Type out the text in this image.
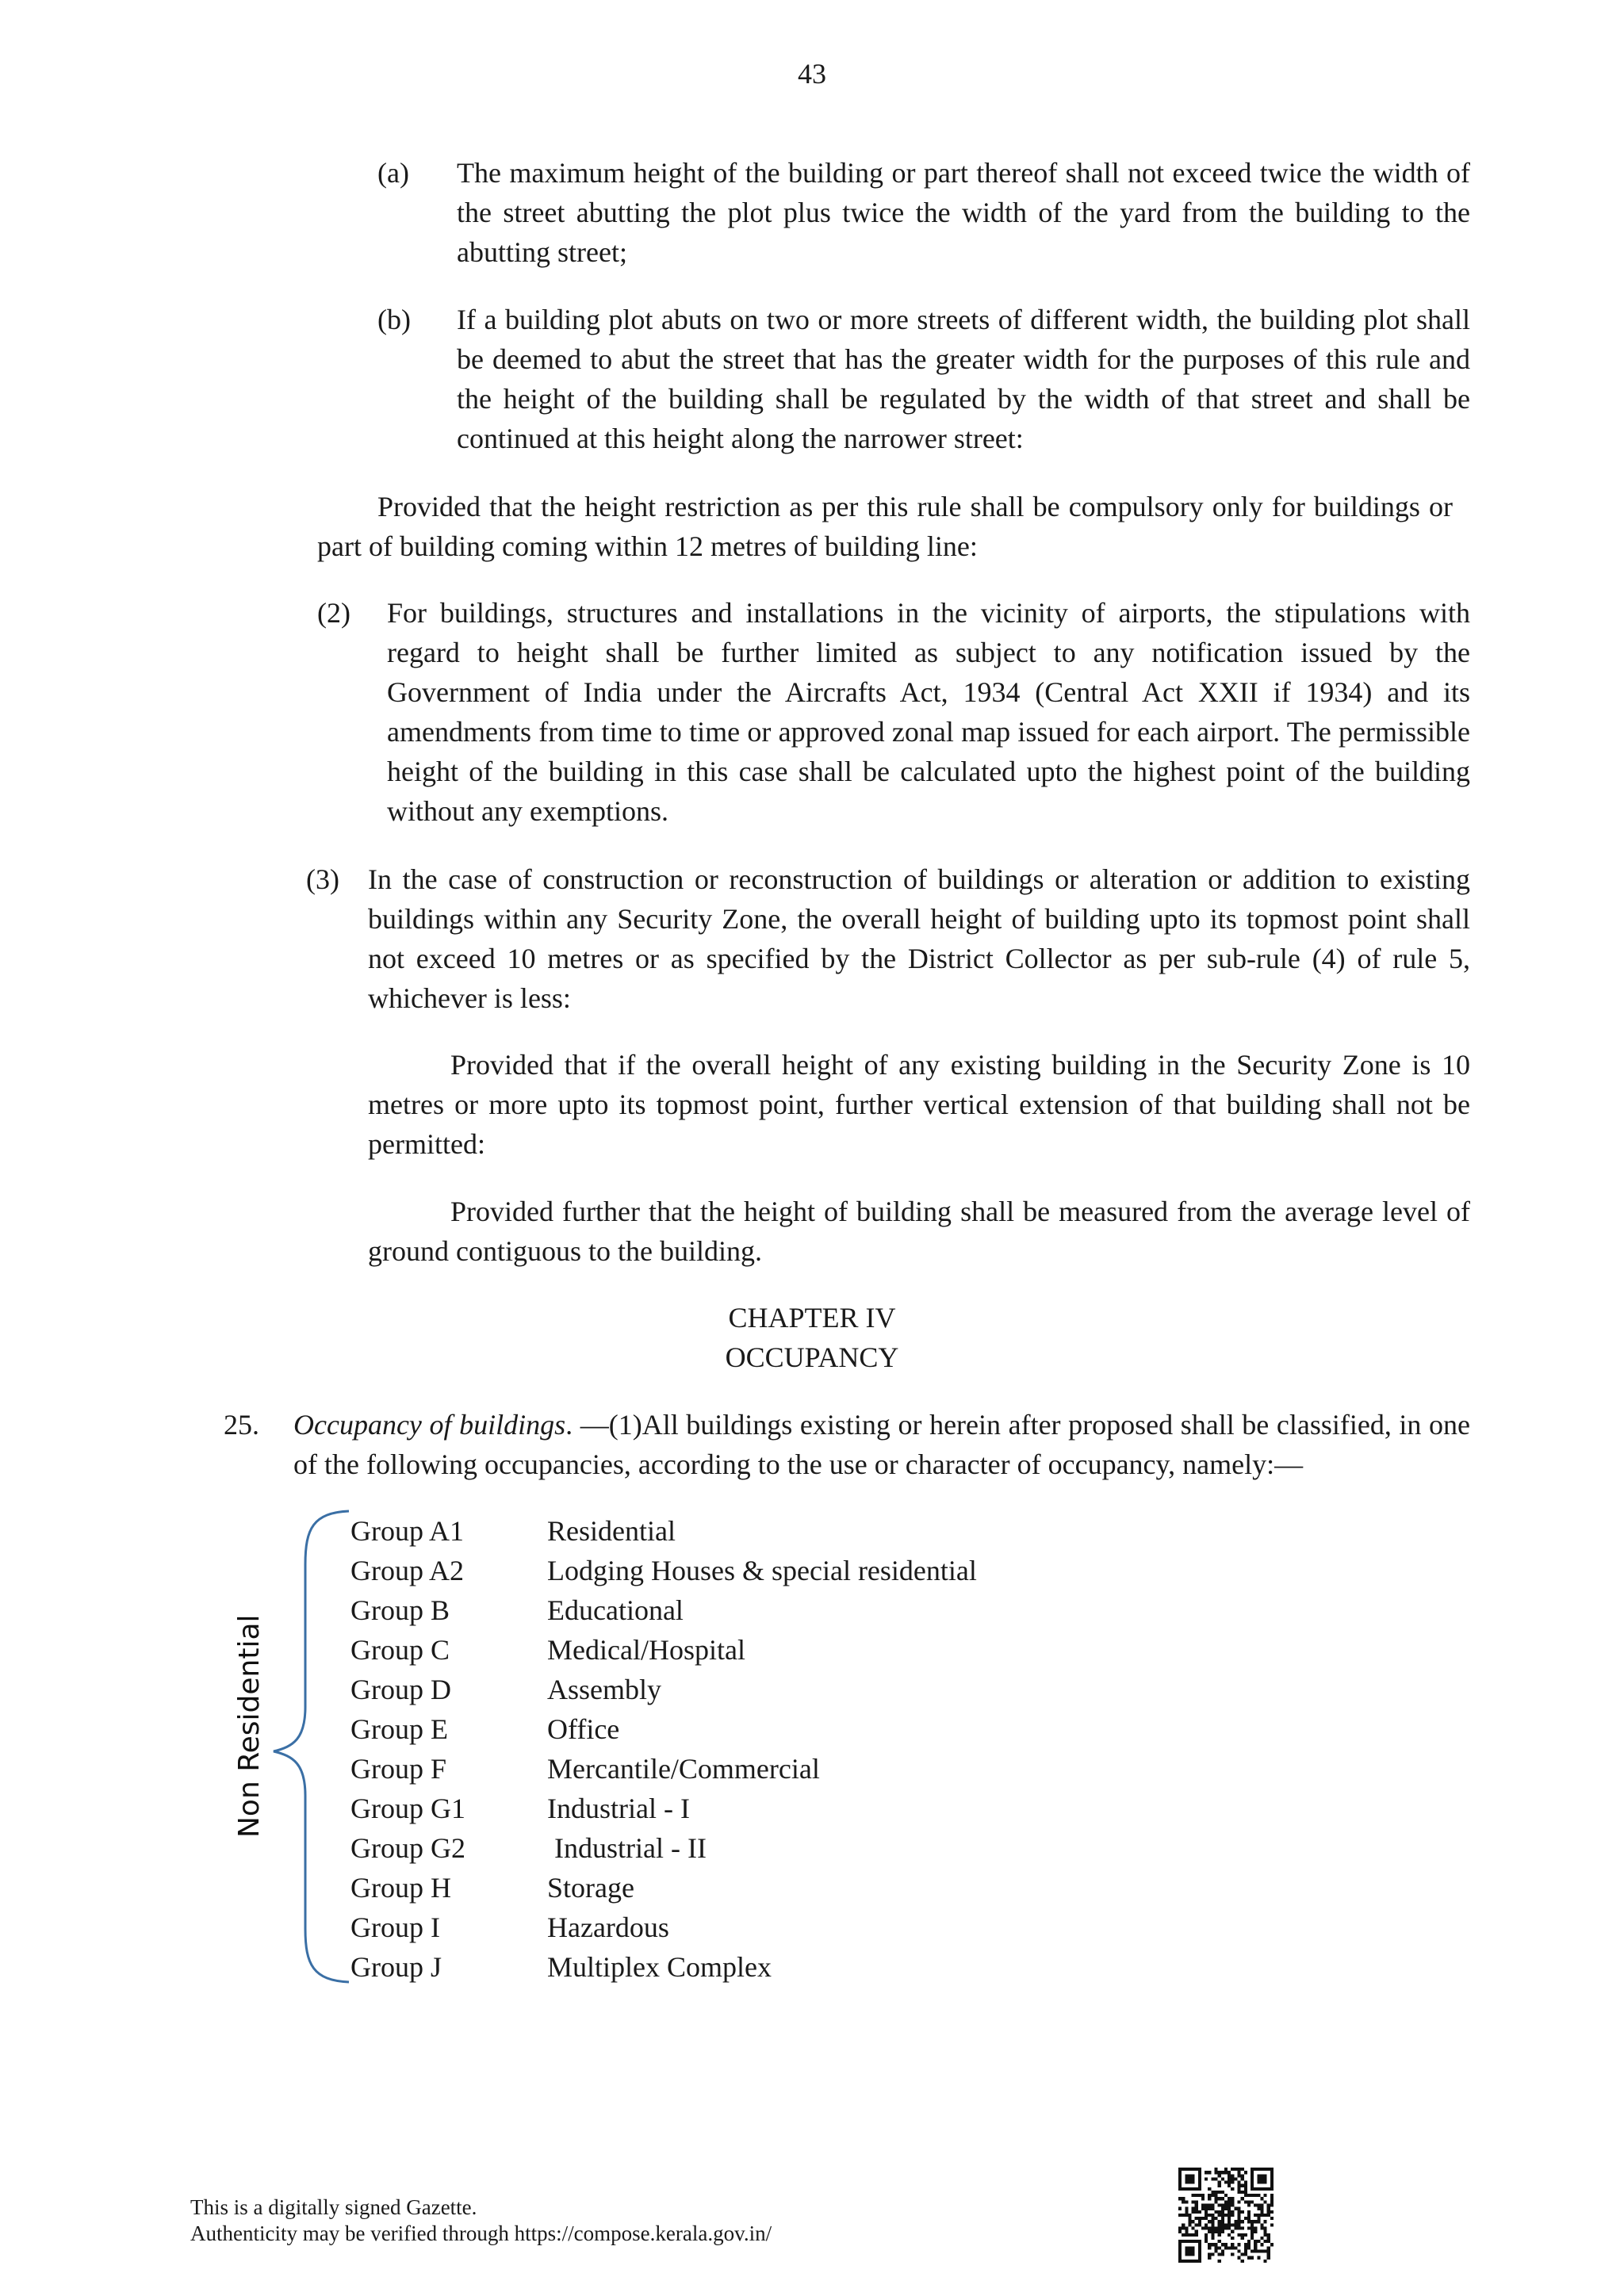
43
(a)	The maximum height of the building or part thereof shall not exceed twice the width of the street abutting the plot plus twice the width of the yard from the building to the abutting street;
(b)	If a building plot abuts on two or more streets of different width, the building plot shall be deemed to abut the street that has the greater width for the purposes of this rule and the height of the building shall be regulated by the width of that street and shall be continued at this height along the narrower street:
Provided that the height restriction as per this rule shall be compulsory only for buildings or part of building coming within 12 metres of building line:
(2)	For buildings, structures and installations in the vicinity of airports, the stipulations with regard to height shall be further limited as subject to any notification issued by the Government of India under the Aircrafts Act, 1934 (Central Act XXII if 1934) and its amendments from time to time or approved zonal map issued for each airport. The permissible height of the building in this case shall be calculated upto the highest point of the building without any exemptions.
(3)	In the case of construction or reconstruction of buildings or alteration or addition to existing buildings within any Security Zone, the overall height of building upto its topmost point shall not exceed 10 metres or as specified by the District Collector as per sub-rule (4) of rule 5, whichever is less:
Provided that if the overall height of any existing building in the Security Zone is 10 metres or more upto its topmost point, further vertical extension of that building shall not be permitted:
Provided further that the height of building shall be measured from the average level of ground contiguous to the building.
CHAPTER IV
OCCUPANCY
25. Occupancy of buildings. —(1)All buildings existing or herein after proposed shall be classified, in one of the following occupancies, according to the use or character of occupancy, namely:—
Non Residential
Group A1	Residential
Group A2	Lodging Houses & special residential
Group B	Educational
Group C	Medical/Hospital
Group D	Assembly
Group E	Office
Group F	Mercantile/Commercial
Group G1	Industrial - I
Group G2	Industrial - II
Group H	Storage
Group I	Hazardous
Group J	Multiplex Complex
This is a digitally signed Gazette.
Authenticity may be verified through https://compose.kerala.gov.in/
